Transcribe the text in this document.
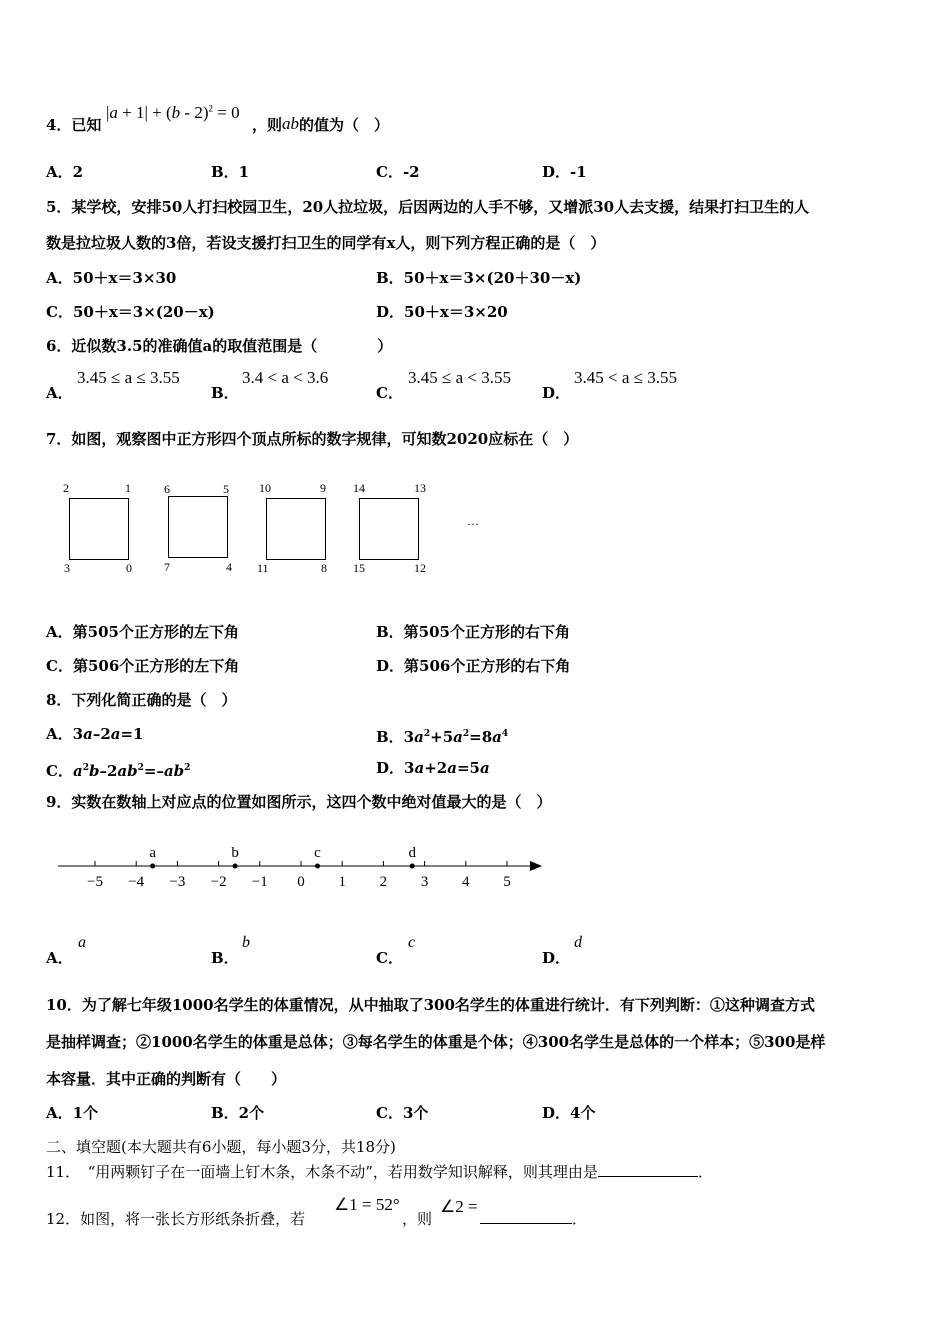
4．已知
|a + 1| + (b - 2)$^2$ = 0
，则ab的值为（　）
A．2	B．1	C．-2	D．-1
5．某学校，安排50人打扫校园卫生，20人拉垃圾，后因两边的人手不够，又增派30人去支援，结果打扫卫生的人
数是拉垃圾人数的3倍，若设支援打扫卫生的同学有x人，则下列方程正确的是（　）
A．50＋x＝3×30	B．50＋x＝3×(20＋30－x)
C．50＋x＝3×(20－x)	D．50＋x＝3×20
6．近似数3.5的准确值a的取值范围是（　　　　）
A．
3.45 ≤ a ≤ 3.55
B．
3.4 < a < 3.6
C．
3.45 ≤ a < 3.55
D．
3.45 < a ≤ 3.55
7．如图，观察图中正方形四个顶点所标的数字规律，可知数2020应标在（　）
2	1
3	0
6	5
7	4
10	9
11	8
14	13
15	12
…
A．第505个正方形的左下角	B．第505个正方形的右下角
C．第506个正方形的左下角	D．第506个正方形的右下角
8．下列化简正确的是（　）
A．3a–2a=1	B．$3a^2+5a^2=8a^4$
C．$a^2b-2ab^2=-ab^2$	D．3a+2a=5a
9．实数在数轴上对应点的位置如图所示，这四个数中绝对值最大的是（　）
−5 −4 −3 −2 −1 0 1 2 3 4 5
a	b	c	d
A．
a
B．
b
C．
c
D．
d
10．为了解七年级1000名学生的体重情况，从中抽取了300名学生的体重进行统计．有下列判断：①这种调查方式
是抽样调查；②1000名学生的体重是总体；③每名学生的体重是个体；④300名学生是总体的一个样本；⑤300是样
本容量．其中正确的判断有（　　）
A．1个	B．2个	C．3个	D．4个
二、填空题(本大题共有6小题，每小题3分，共18分)
11．　“用两颗钉子在一面墙上钉木条，木条不动”，若用数学知识解释，则其理由是	．
12．如图，将一张长方形纸条折叠，若
∠1 = 52°
，则
∠2 =
．
